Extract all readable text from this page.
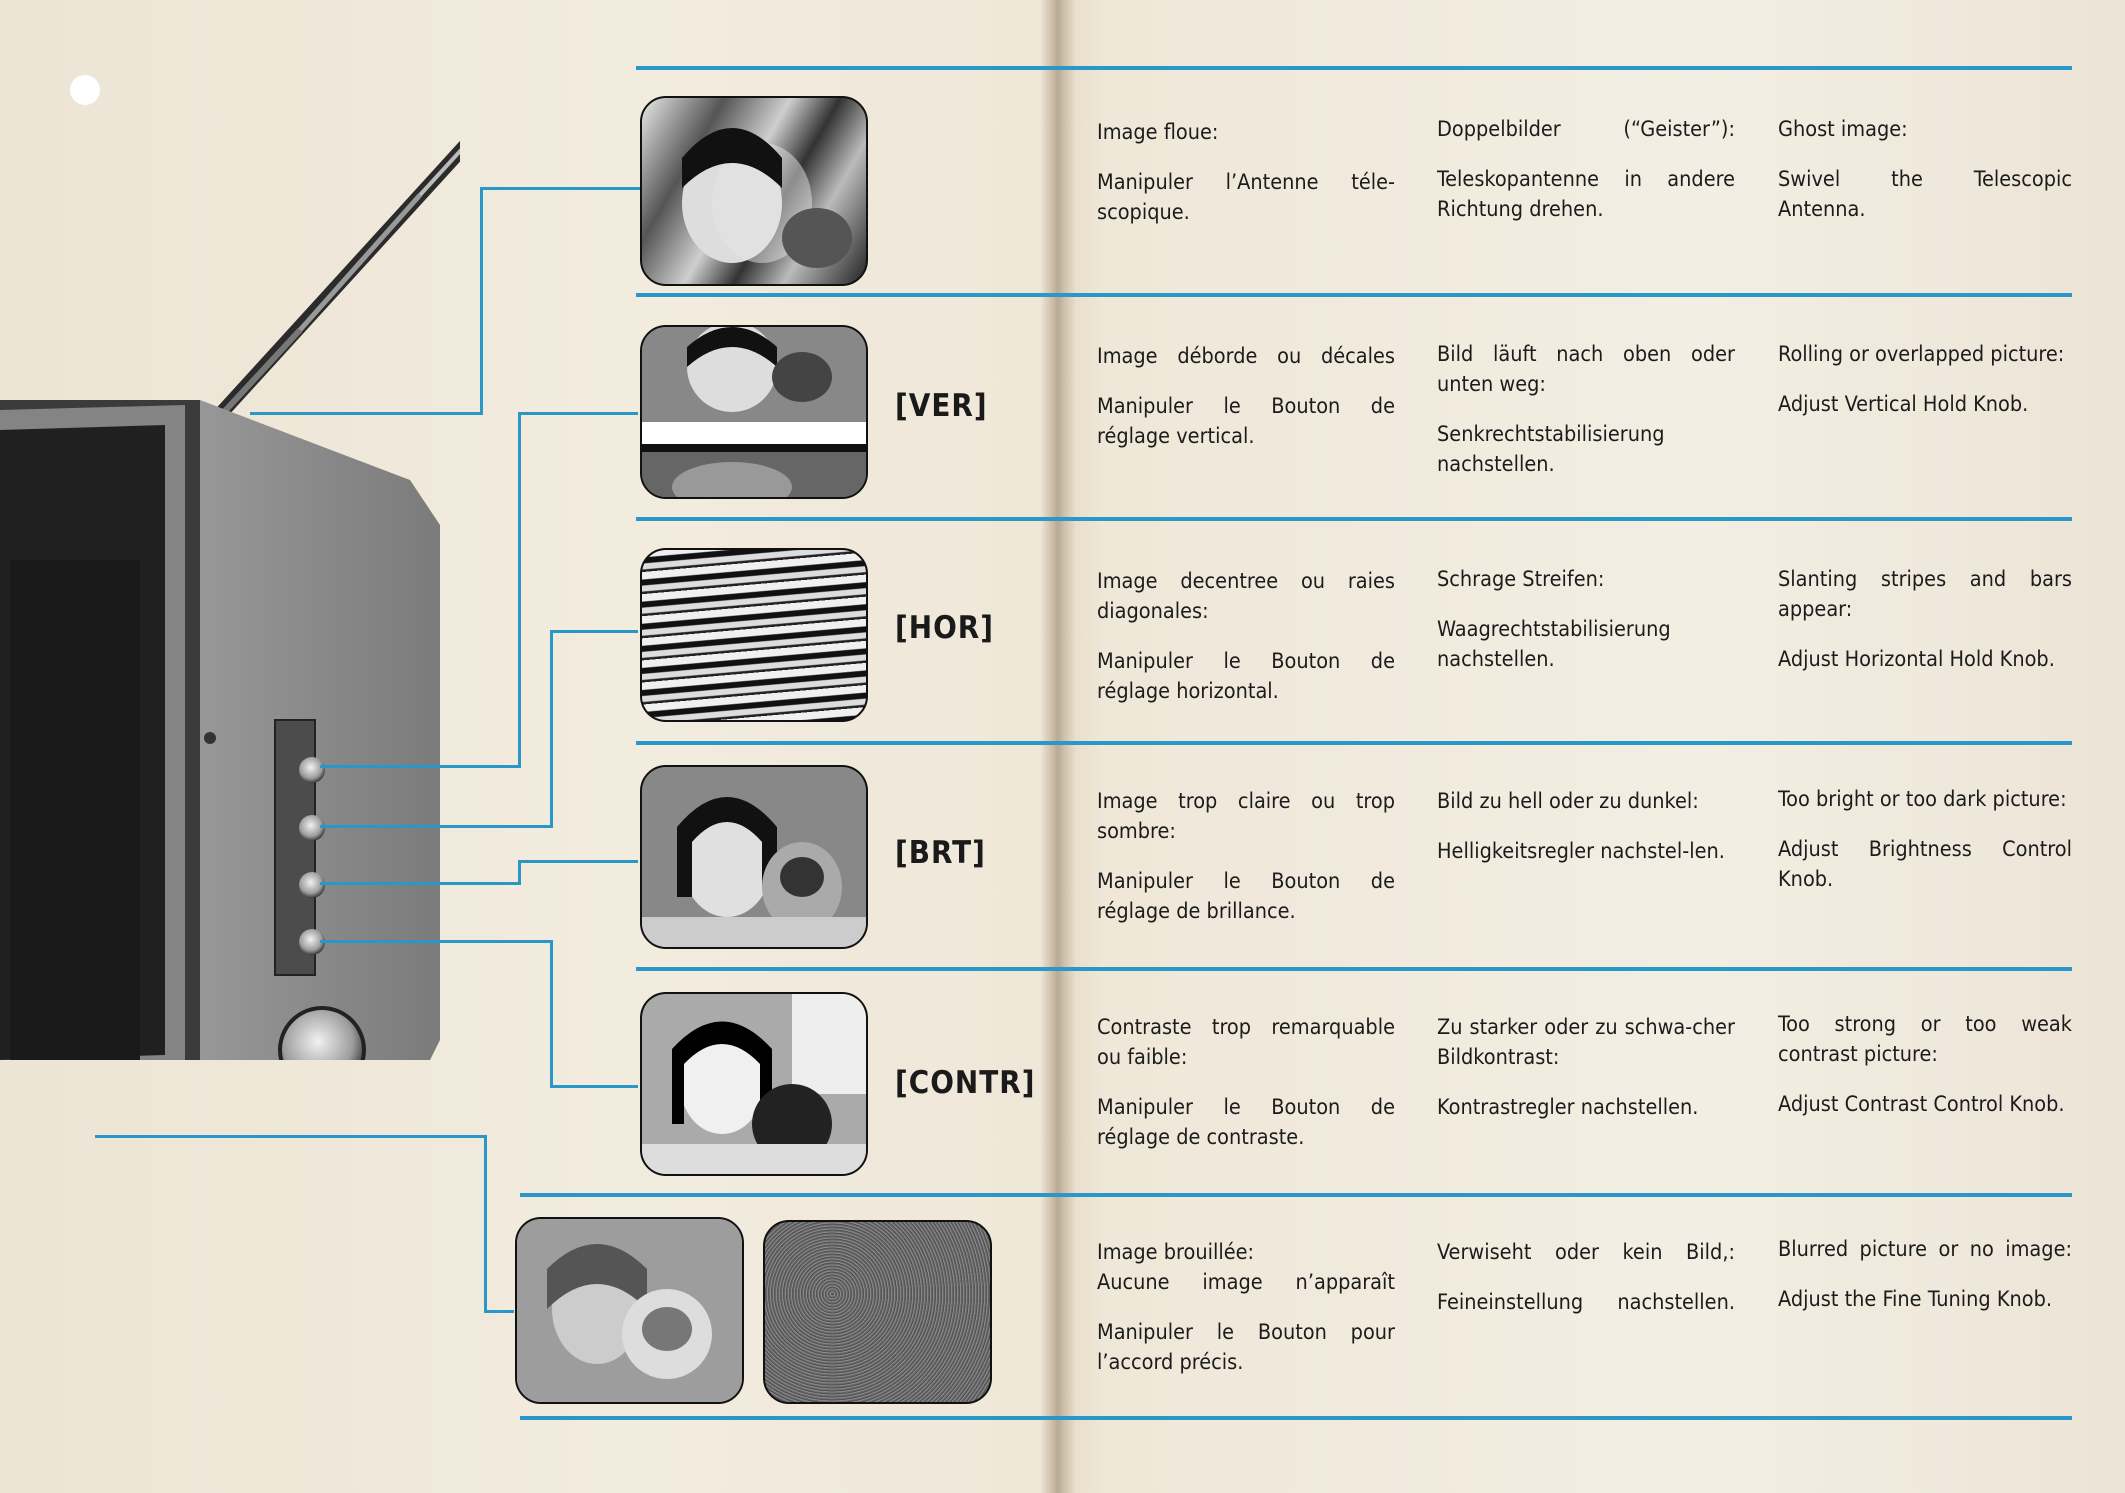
[VER]
[HOR]
[BRT]
[CONTR]

Image floue:

Manipuler l’Antenne téle-scopique.

Doppelbilder (“Geister”):

Teleskopantenne in andere Richtung drehen.

Ghost image:

Swivel the Telescopic Antenna.

Image déborde ou décales

Manipuler le Bouton de réglage vertical.

Bild läuft nach oben oder unten weg:

Senkrechtstabilisierung nachstellen.

Rolling or overlapped picture:

Adjust Vertical Hold Knob.

Image decentree ou raies diagonales:

Manipuler le Bouton de réglage horizontal.

Schrage Streifen:

Waagrechtstabilisierung nachstellen.

Slanting stripes and bars appear:

Adjust Horizontal Hold Knob.

Image trop claire ou trop sombre:

Manipuler le Bouton de réglage de brillance.

Bild zu hell oder zu dunkel:

Helligkeitsregler nachstel-len.

Too bright or too dark picture:

Adjust Brightness Control Knob.

Contraste trop remarquable ou faible:

Manipuler le Bouton de réglage de contraste.

Zu starker oder zu schwa-cher Bildkontrast:

Kontrastregler nachstellen.

Too strong or too weak contrast picture:

Adjust Contrast Control Knob.

Image brouillée:

Aucune image n’apparaît

Manipuler le Bouton pour l’accord précis.

Verwiseht oder kein Bild,:

Feineinstellung nachstellen.

Blurred picture or no image:

Adjust the Fine Tuning Knob.
